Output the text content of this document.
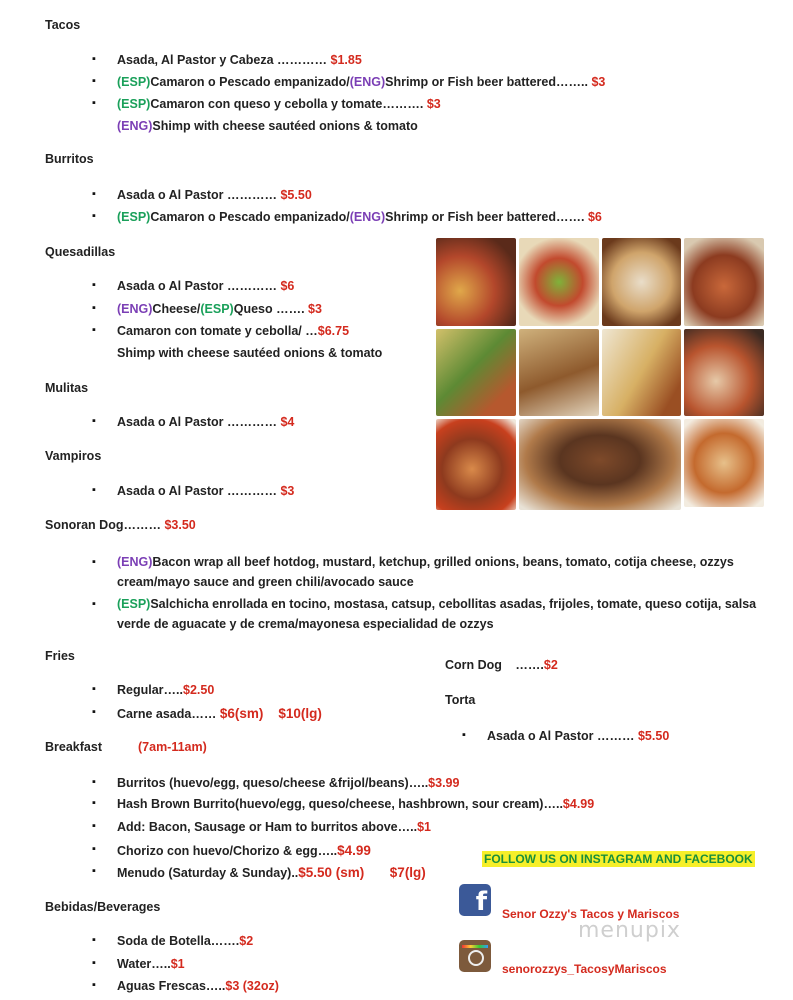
Tacos
▪ Asada, Al Pastor y Cabeza ………… $1.85
▪ (ESP)Camaron o Pescado empanizado/(ENG)Shrimp or Fish beer battered…….. $3
▪ (ESP)Camaron con queso y cebolla y tomate………. $3
(ENG)Shimp with cheese sautéed onions & tomato
Burritos
▪ Asada o Al Pastor ………… $5.50
▪ (ESP)Camaron o Pescado empanizado/(ENG)Shrimp or Fish beer battered……. $6
Quesadillas
▪ Asada o Al Pastor ………… $6
▪ (ENG)Cheese/(ESP)Queso ……. $3
▪ Camaron con tomate y cebolla/ …$6.75
Shimp with cheese sautéed onions & tomato
Mulitas
▪ Asada o Al Pastor ………… $4
Vampiros
▪ Asada o Al Pastor ………… $3
Sonoran Dog……… $3.50
▪ (ENG)Bacon wrap all beef hotdog, mustard, ketchup, grilled onions, beans, tomato, cotija cheese, ozzys cream/mayo sauce and green chili/avocado sauce
▪ (ESP)Salchicha enrollada en tocino, mostasa, catsup, cebollitas asadas, frijoles, tomate, queso cotija, salsa verde de aguacate y de crema/mayonesa especialidad de ozzys
Fries
▪ Regular…..$2.50
▪ Carne asada…… $6(sm)    $10(lg)
Corn Dog …….$2
Torta
▪ Asada o Al Pastor ……… $5.50
Breakfast	(7am-11am)
▪ Burritos (huevo/egg, queso/cheese &frijol/beans)…..$3.99
▪ Hash Brown Burrito(huevo/egg, queso/cheese, hashbrown, sour cream)…..$4.99
▪ Add: Bacon, Sausage or Ham to burritos above…..$1
▪ Chorizo con huevo/Chorizo & egg…..$4.99
▪ Menudo (Saturday & Sunday)..$5.50 (sm) $7(lg)
Bebidas/Beverages
▪ Soda de Botella…….$2
▪ Water…..$1
▪ Aguas Frescas…..$3 (32oz)
FOLLOW US ON INSTAGRAM AND FACEBOOK
f	Senor Ozzy's Tacos y Mariscos
senorozzys_TacosyMariscos
menupix
